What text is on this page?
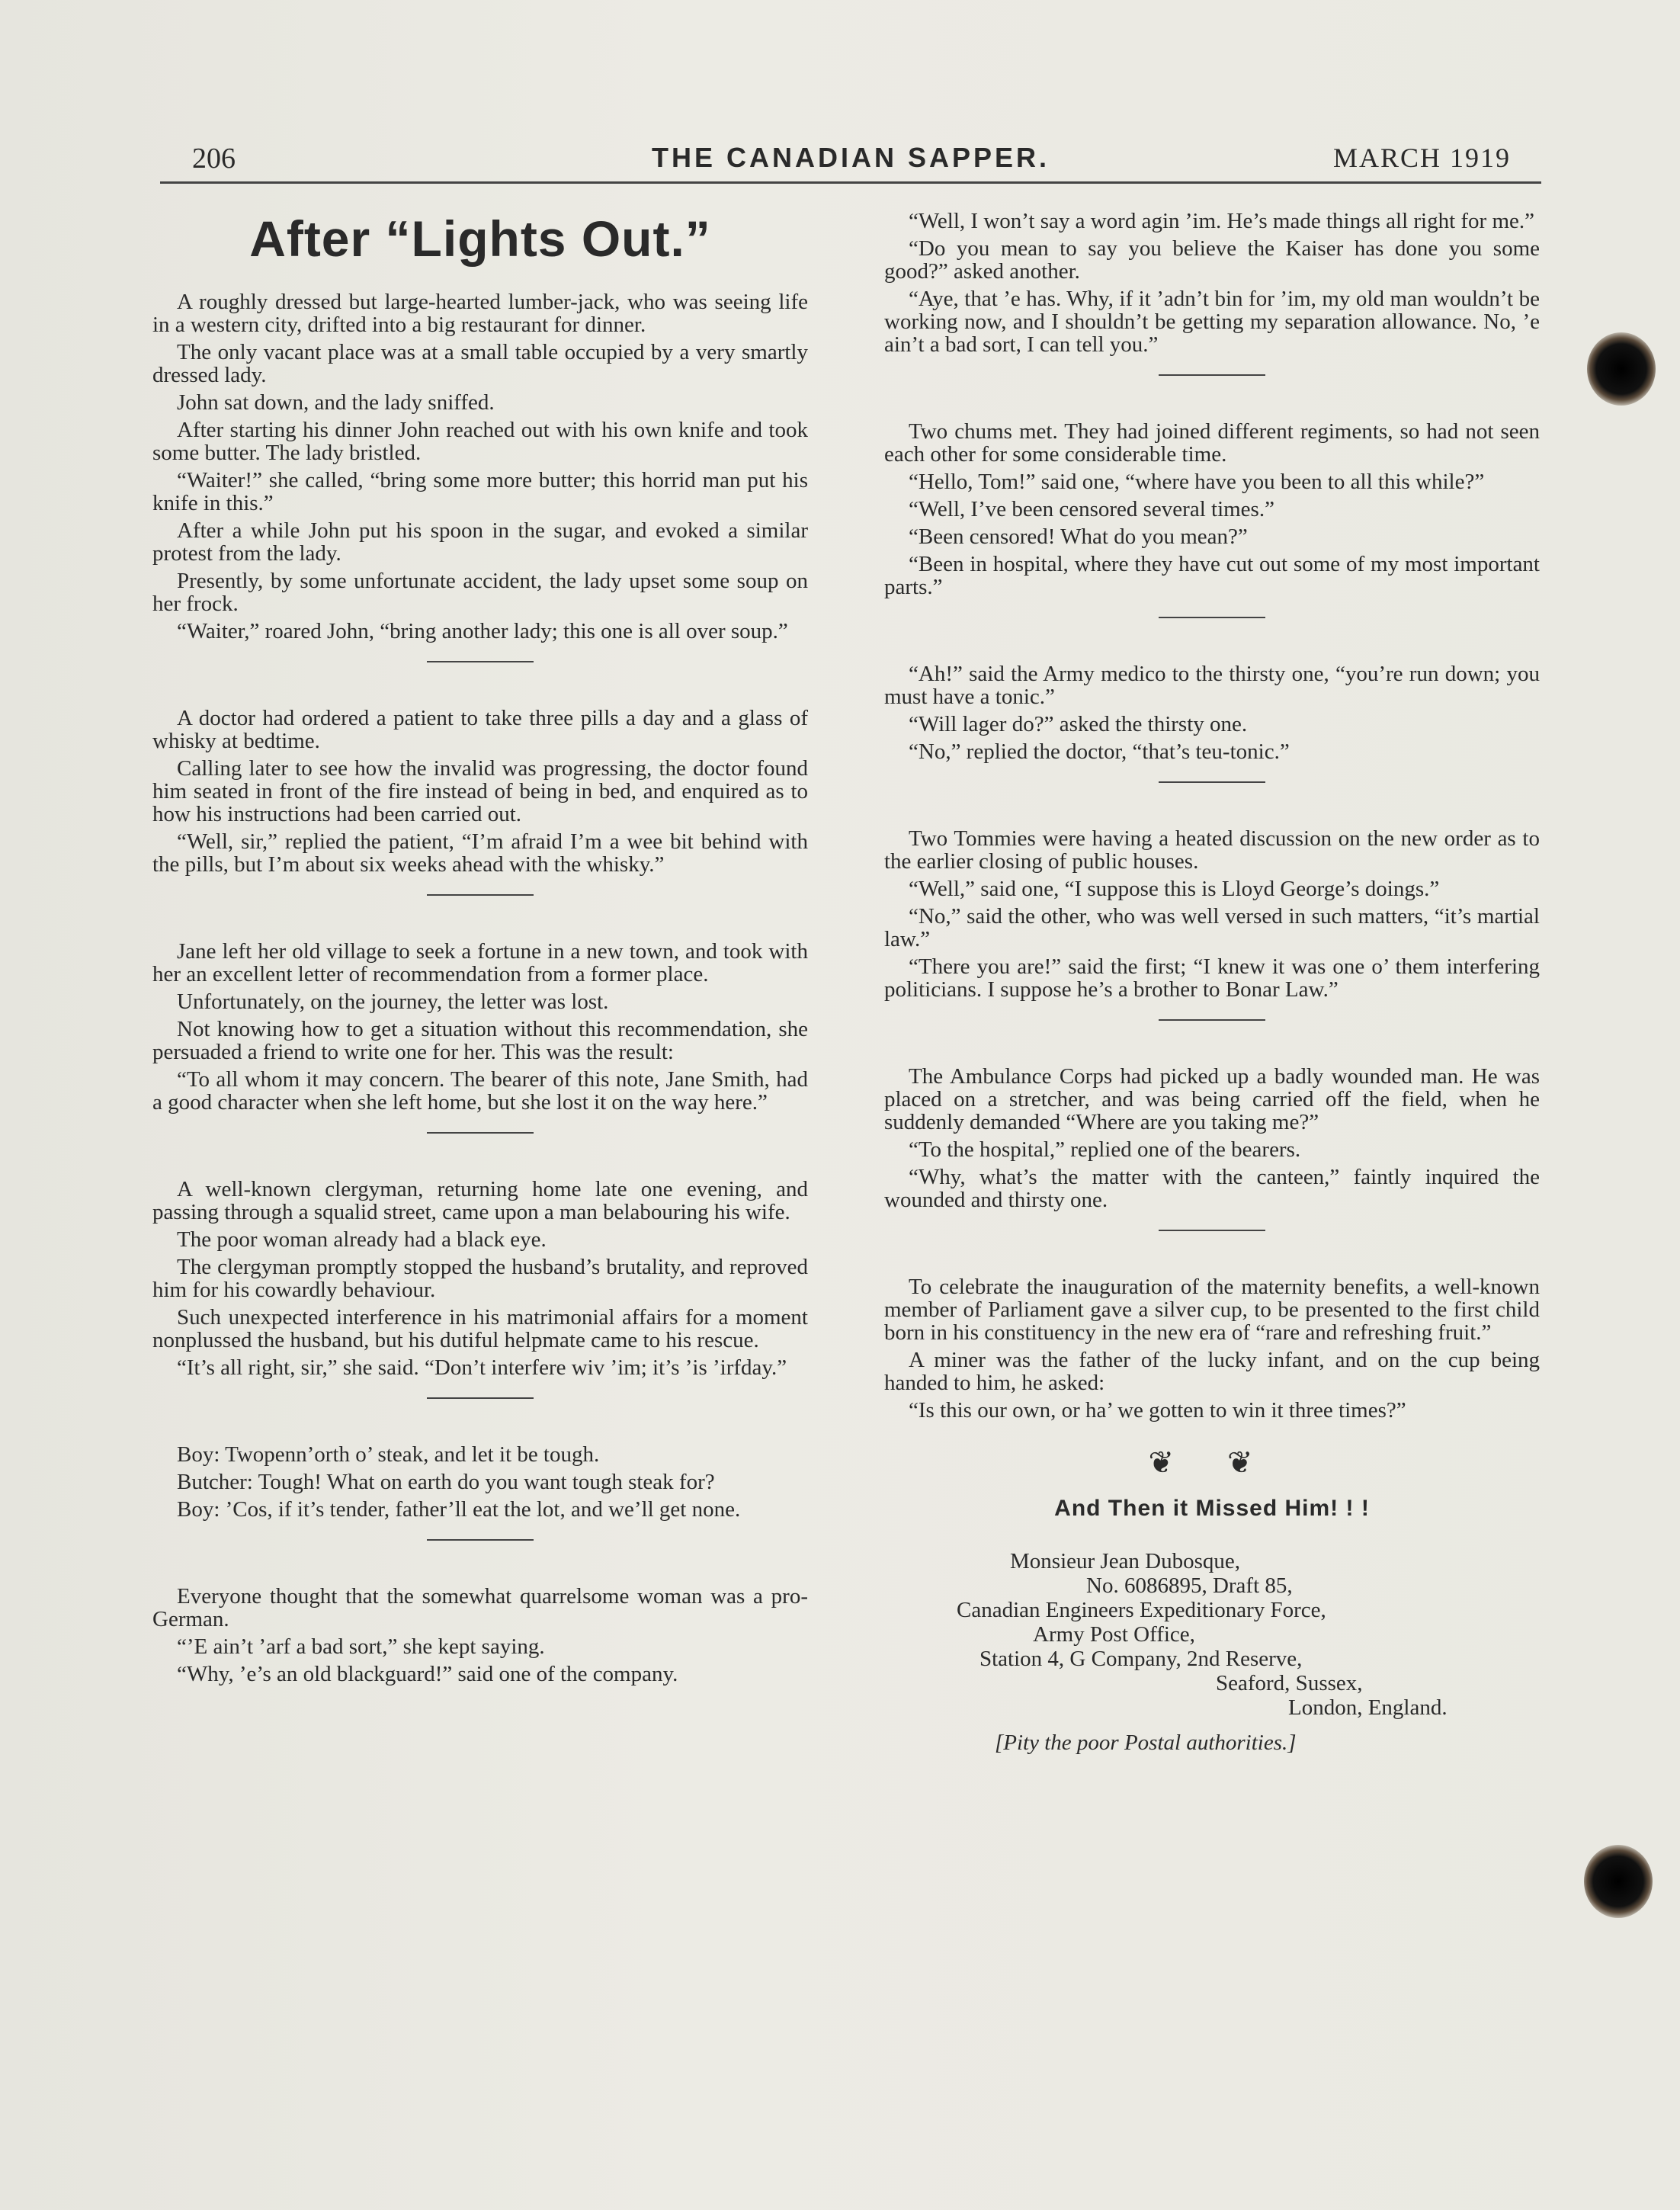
206	THE CANADIAN SAPPER.	MARCH 1919
After “Lights Out.”

A roughly dressed but large-hearted lumber-jack, who was seeing life in a western city, drifted into a big restaurant for dinner.

The only vacant place was at a small table occupied by a very smartly dressed lady.

John sat down, and the lady sniffed.

After starting his dinner John reached out with his own knife and took some butter. The lady bristled.

“Waiter!” she called, “bring some more butter; this horrid man put his knife in this.”

After a while John put his spoon in the sugar, and evoked a similar protest from the lady.

Presently, by some unfortunate accident, the lady upset some soup on her frock.

“Waiter,” roared John, “bring another lady; this one is all over soup.”

A doctor had ordered a patient to take three pills a day and a glass of whisky at bedtime.

Calling later to see how the invalid was progressing, the doctor found him seated in front of the fire instead of being in bed, and enquired as to how his instructions had been carried out.

“Well, sir,” replied the patient, “I’m afraid I’m a wee bit behind with the pills, but I’m about six weeks ahead with the whisky.”

Jane left her old village to seek a fortune in a new town, and took with her an excellent letter of recommendation from a former place.

Unfortunately, on the journey, the letter was lost.

Not knowing how to get a situation without this recommendation, she persuaded a friend to write one for her. This was the result:

“To all whom it may concern. The bearer of this note, Jane Smith, had a good character when she left home, but she lost it on the way here.”

A well-known clergyman, returning home late one evening, and passing through a squalid street, came upon a man belabouring his wife.

The poor woman already had a black eye.

The clergyman promptly stopped the husband’s brutality, and reproved him for his cowardly behaviour.

Such unexpected interference in his matrimonial affairs for a moment nonplussed the husband, but his dutiful helpmate came to his rescue.

“It’s all right, sir,” she said. “Don’t interfere wiv ’im; it’s ’is ’irfday.”

Boy: Twopenn’orth o’ steak, and let it be tough.

Butcher: Tough! What on earth do you want tough steak for?

Boy: ’Cos, if it’s tender, father’ll eat the lot, and we’ll get none.

Everyone thought that the somewhat quarrelsome woman was a pro-German.

“’E ain’t ’arf a bad sort,” she kept saying.

“Why, ’e’s an old blackguard!” said one of the company.

“Well, I won’t say a word agin ’im. He’s made things all right for me.”

“Do you mean to say you believe the Kaiser has done you some good?” asked another.

“Aye, that ’e has. Why, if it ’adn’t bin for ’im, my old man wouldn’t be working now, and I shouldn’t be getting my separation allowance. No, ’e ain’t a bad sort, I can tell you.”

Two chums met. They had joined different regiments, so had not seen each other for some considerable time.

“Hello, Tom!” said one, “where have you been to all this while?”

“Well, I’ve been censored several times.”

“Been censored! What do you mean?”

“Been in hospital, where they have cut out some of my most important parts.”

“Ah!” said the Army medico to the thirsty one, “you’re run down; you must have a tonic.”

“Will lager do?” asked the thirsty one.

“No,” replied the doctor, “that’s teu-tonic.”

Two Tommies were having a heated discussion on the new order as to the earlier closing of public houses.

“Well,” said one, “I suppose this is Lloyd George’s doings.”

“No,” said the other, who was well versed in such matters, “it’s martial law.”

“There you are!” said the first; “I knew it was one o’ them interfering politicians. I suppose he’s a brother to Bonar Law.”

The Ambulance Corps had picked up a badly wounded man. He was placed on a stretcher, and was being carried off the field, when he suddenly demanded “Where are you taking me?”

“To the hospital,” replied one of the bearers.

“Why, what’s the matter with the canteen,” faintly inquired the wounded and thirsty one.

To celebrate the inauguration of the maternity benefits, a well-known member of Parliament gave a silver cup, to be presented to the first child born in his constituency in the new era of “rare and refreshing fruit.”

A miner was the father of the lucky infant, and on the cup being handed to him, he asked:

“Is this our own, or ha’ we gotten to win it three times?”

❦ ❦
And Then it Missed Him! ! !

Monsieur Jean Dubosque,

No. 6086895, Draft 85,

Canadian Engineers Expeditionary Force,

Army Post Office,

Station 4, G Company, 2nd Reserve,

Seaford, Sussex,

London, England.

[Pity the poor Postal authorities.]
